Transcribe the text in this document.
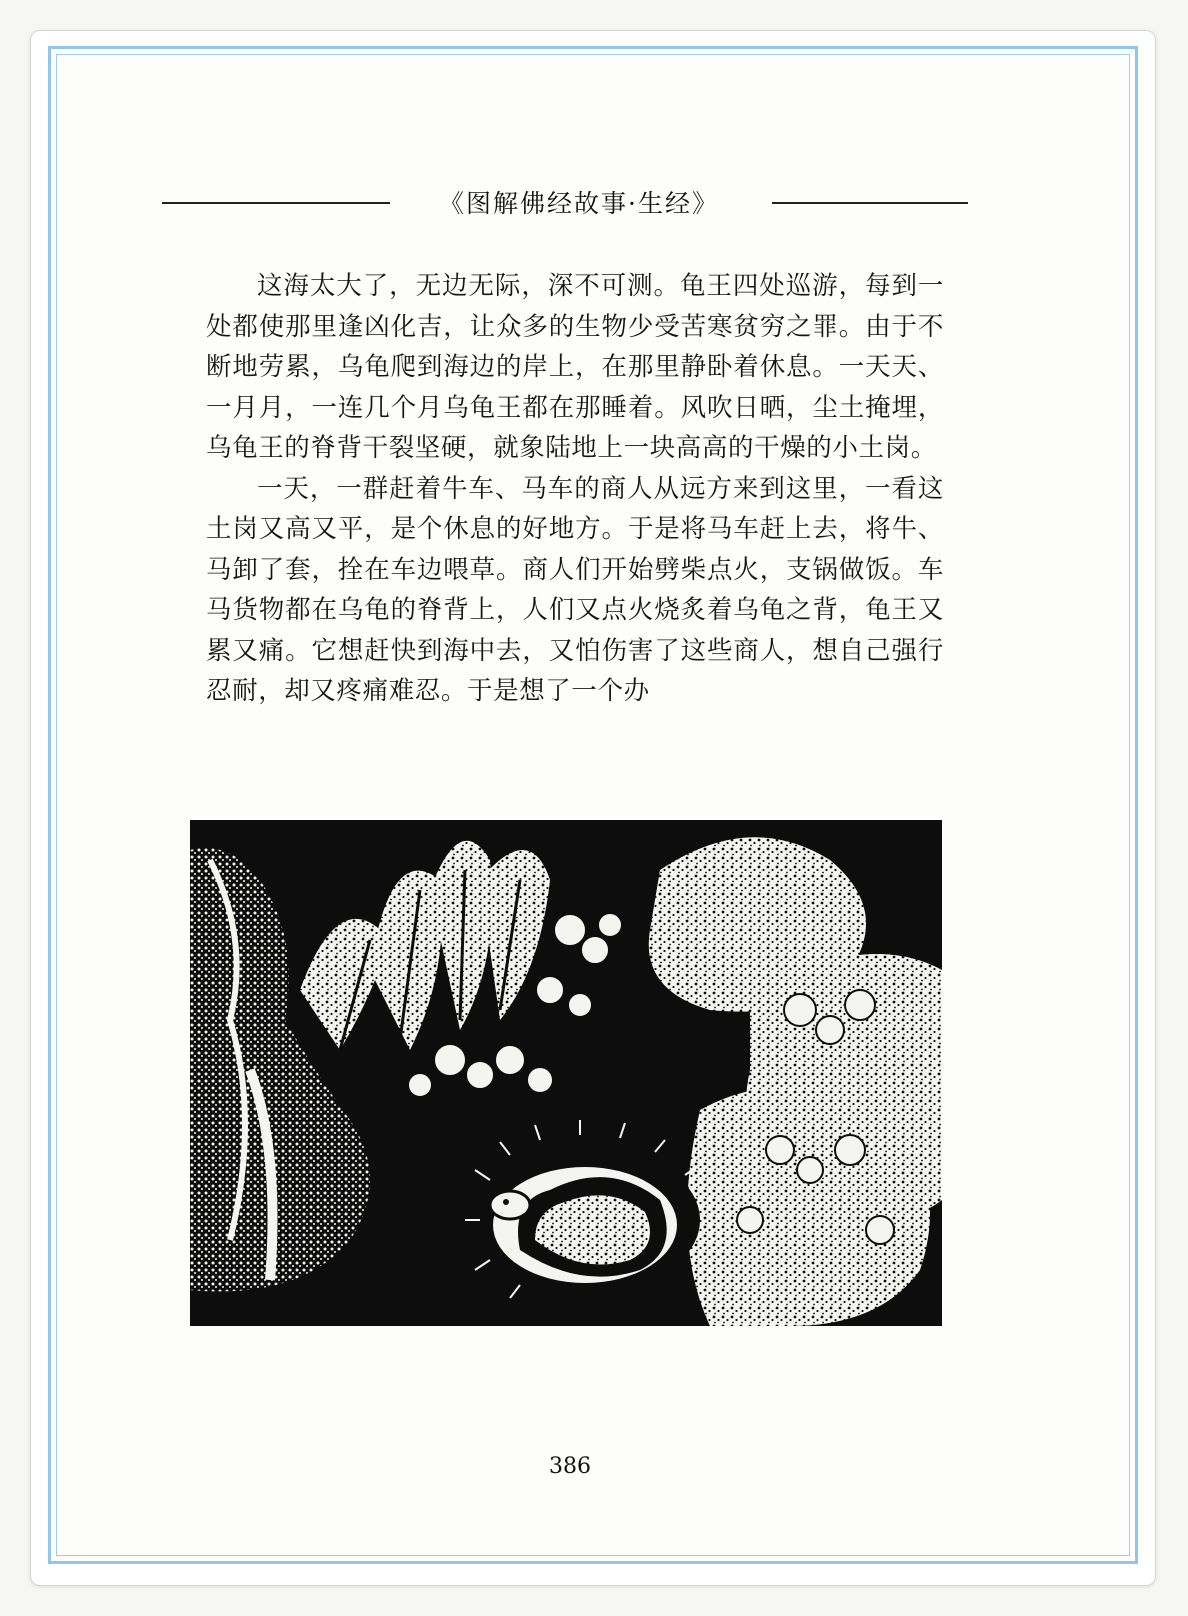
《图解佛经故事·生经》

这海太大了，无边无际，深不可测。龟王四处巡游，每到一处都使那里逢凶化吉，让众多的生物少受苦寒贫穷之罪。由于不断地劳累，乌龟爬到海边的岸上，在那里静卧着休息。一天天、一月月，一连几个月乌龟王都在那睡着。风吹日晒，尘土掩埋，乌龟王的脊背干裂坚硬，就象陆地上一块高高的干燥的小土岗。

一天，一群赶着牛车、马车的商人从远方来到这里，一看这土岗又高又平，是个休息的好地方。于是将马车赶上去，将牛、马卸了套，拴在车边喂草。商人们开始劈柴点火，支锅做饭。车马货物都在乌龟的脊背上，人们又点火烧炙着乌龟之背，龟王又累又痛。它想赶快到海中去，又怕伤害了这些商人，想自己强行忍耐，却又疼痛难忍。于是想了一个办

386
